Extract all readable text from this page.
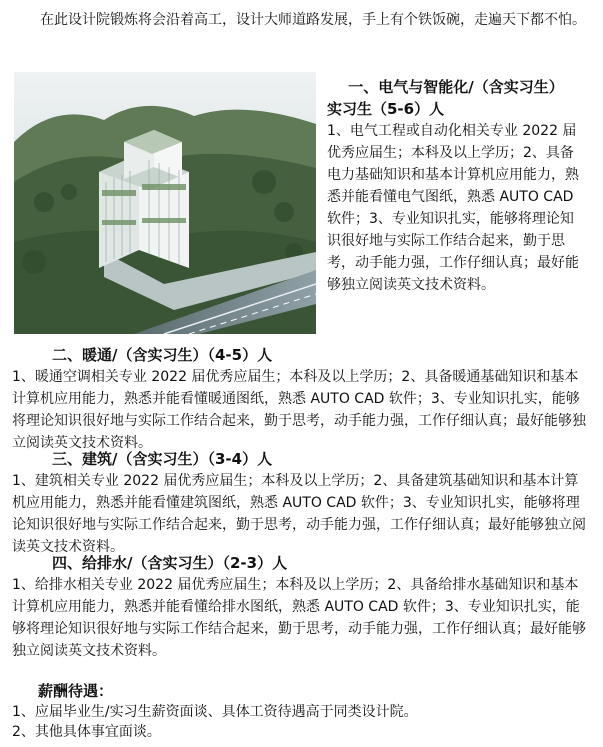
在此设计院锻炼将会沿着高工，设计大师道路发展，手上有个铁饭碗，走遍天下都不怕。

一、电气与智能化/（含实习生）

实习生（5-6）人

1、电气工程或自动化相关专业 2022 届优秀应届生；本科及以上学历；2、具备电力基础知识和基本计算机应用能力，熟悉并能看懂电气图纸，熟悉 AUTO CAD 软件；3、专业知识扎实，能够将理论知识很好地与实际工作结合起来，勤于思考，动手能力强，工作仔细认真；最好能够独立阅读英文技术资料。

二、暖通/（含实习生）（4-5）人

1、暖通空调相关专业 2022 届优秀应届生；本科及以上学历；2、具备暖通基础知识和基本计算机应用能力，熟悉并能看懂暖通图纸，熟悉 AUTO CAD 软件；3、专业知识扎实，能够将理论知识很好地与实际工作结合起来，勤于思考，动手能力强，工作仔细认真；最好能够独立阅读英文技术资料。

三、建筑/（含实习生）（3-4）人

1、建筑相关专业 2022 届优秀应届生；本科及以上学历；2、具备建筑基础知识和基本计算机应用能力，熟悉并能看懂建筑图纸，熟悉 AUTO CAD 软件；3、专业知识扎实，能够将理论知识很好地与实际工作结合起来，勤于思考，动手能力强，工作仔细认真；最好能够独立阅读英文技术资料。

四、给排水/（含实习生）（2-3）人

1、给排水相关专业 2022 届优秀应届生；本科及以上学历；2、具备给排水基础知识和基本计算机应用能力，熟悉并能看懂给排水图纸，熟悉 AUTO CAD 软件；3、专业知识扎实，能够将理论知识很好地与实际工作结合起来，勤于思考，动手能力强，工作仔细认真；最好能够独立阅读英文技术资料。

薪酬待遇：

1、应届毕业生/实习生薪资面谈、具体工资待遇高于同类设计院。

2、其他具体事宜面谈。
